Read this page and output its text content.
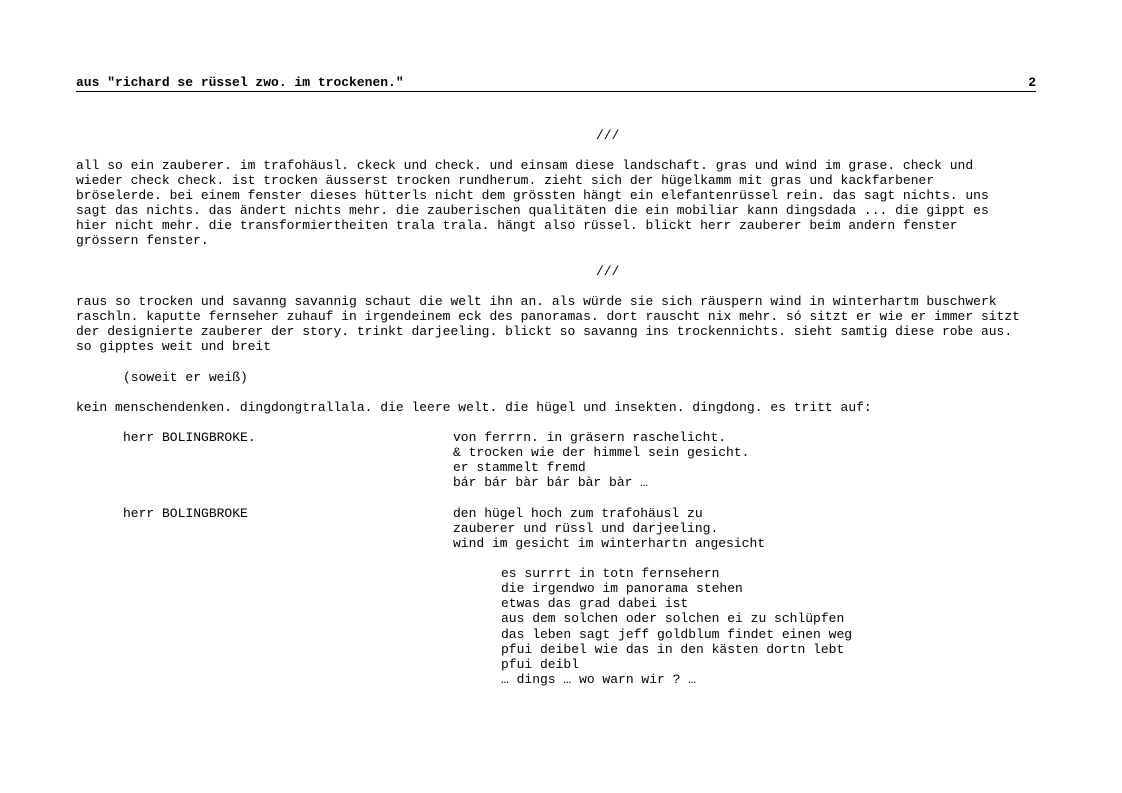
aus "richard se rüssel zwo. im trockenen."

	2

///
all so ein zauberer. im trafohäusl. ckeck und check. und einsam diese landschaft. gras und wind im grase. check und
wieder check check. ist trocken äusserst trocken rundherum. zieht sich der hügelkamm mit gras und kackfarbener
bröselerde. bei einem fenster dieses hütterls nicht dem grössten hängt ein elefantenrüssel rein. das sagt nichts. uns
sagt das nichts. das ändert nichts mehr. die zauberischen qualitäten die ein mobiliar kann dingsdada ... die gippt es
hier nicht mehr. die transformiertheiten trala trala. hängt also rüssel. blickt herr zauberer beim andern fenster
grössern fenster.
///
raus so trocken und savanng savannig schaut die welt ihn an. als würde sie sich räuspern wind in winterhartm buschwerk
raschln. kaputte fernseher zuhauf in irgendeinem eck des panoramas. dort rauscht nix mehr. só sitzt er wie er immer sitzt
der designierte zauberer der story. trinkt darjeeling. blickt so savanng ins trockennichts. sieht samtig diese robe aus.
so gipptes weit und breit
(soweit er weiß)
kein menschendenken. dingdongtrallala. die leere welt. die hügel und insekten. dingdong. es tritt auf:
herr BOLINGBROKE.	von ferrrn. in gräsern raschelicht.
& trocken wie der himmel sein gesicht.
er stammelt fremd
bár bár bàr bár bàr bàr …
herr BOLINGBROKE	den hügel hoch zum trafohäusl zu
zauberer und rüssl und darjeeling.
wind im gesicht im winterhartn angesicht
es surrrt in totn fernsehern
die irgendwo im panorama stehen
etwas das grad dabei ist
aus dem solchen oder solchen ei zu schlüpfen
das leben sagt jeff goldblum findet einen weg
pfui deibel wie das in den kästen dortn lebt
pfui deibl
… dings … wo warn wir ? …
